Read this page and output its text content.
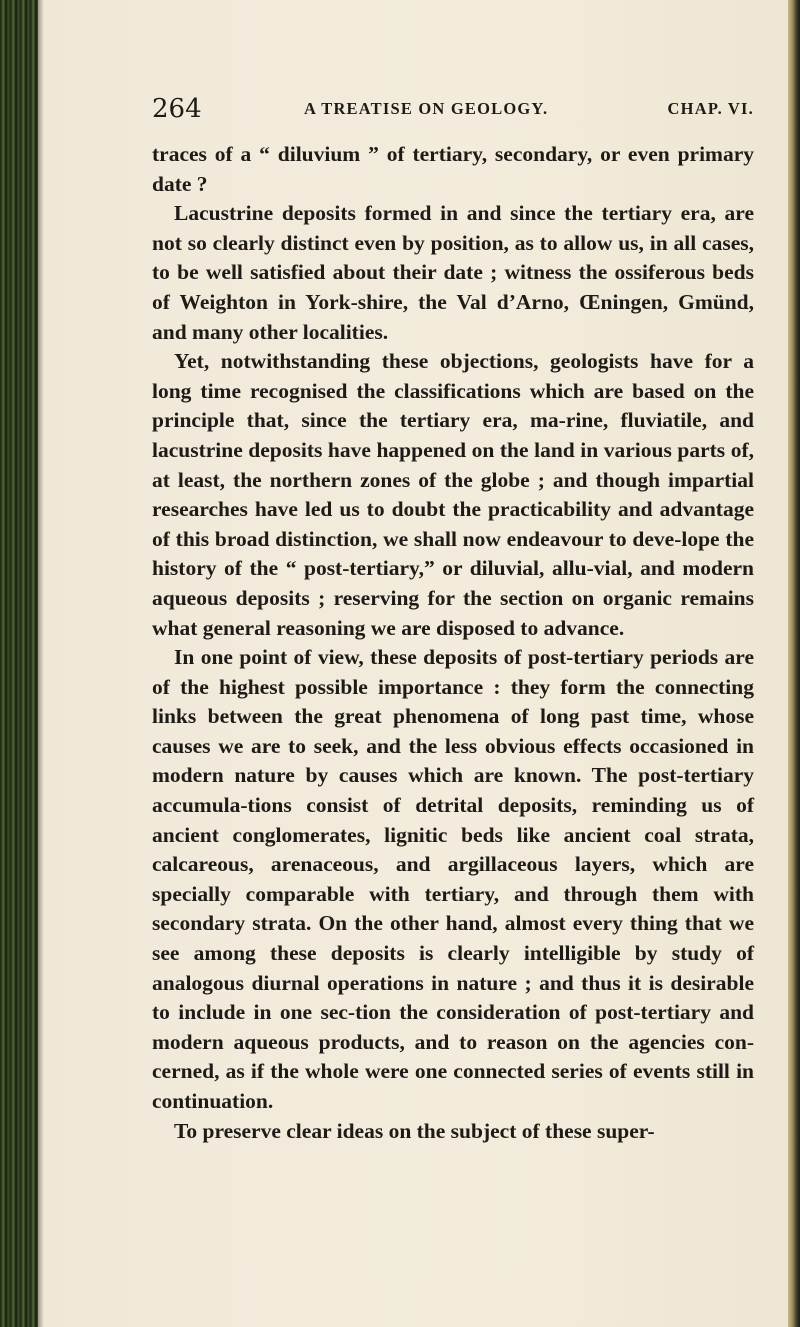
264	A TREATISE ON GEOLOGY.	CHAP. VI.

traces of a “ diluvium ” of tertiary, secondary, or even primary date ?

Lacustrine deposits formed in and since the tertiary era, are not so clearly distinct even by position, as to allow us, in all cases, to be well satisfied about their date ; witness the ossiferous beds of Weighton in York-shire, the Val d’Arno, Œningen, Gmünd, and many other localities.

Yet, notwithstanding these objections, geologists have for a long time recognised the classifications which are based on the principle that, since the tertiary era, ma-rine, fluviatile, and lacustrine deposits have happened on the land in various parts of, at least, the northern zones of the globe ; and though impartial researches have led us to doubt the practicability and advantage of this broad distinction, we shall now endeavour to deve-lope the history of the “ post-tertiary,” or diluvial, allu-vial, and modern aqueous deposits ; reserving for the section on organic remains what general reasoning we are disposed to advance.

In one point of view, these deposits of post-tertiary periods are of the highest possible importance : they form the connecting links between the great phenomena of long past time, whose causes we are to seek, and the less obvious effects occasioned in modern nature by causes which are known. The post-tertiary accumula-tions consist of detrital deposits, reminding us of ancient conglomerates, lignitic beds like ancient coal strata, calcareous, arenaceous, and argillaceous layers, which are specially comparable with tertiary, and through them with secondary strata. On the other hand, almost every thing that we see among these deposits is clearly intelligible by study of analogous diurnal operations in nature ; and thus it is desirable to include in one sec-tion the consideration of post-tertiary and modern aqueous products, and to reason on the agencies con-cerned, as if the whole were one connected series of events still in continuation.

To preserve clear ideas on the subject of these super-
